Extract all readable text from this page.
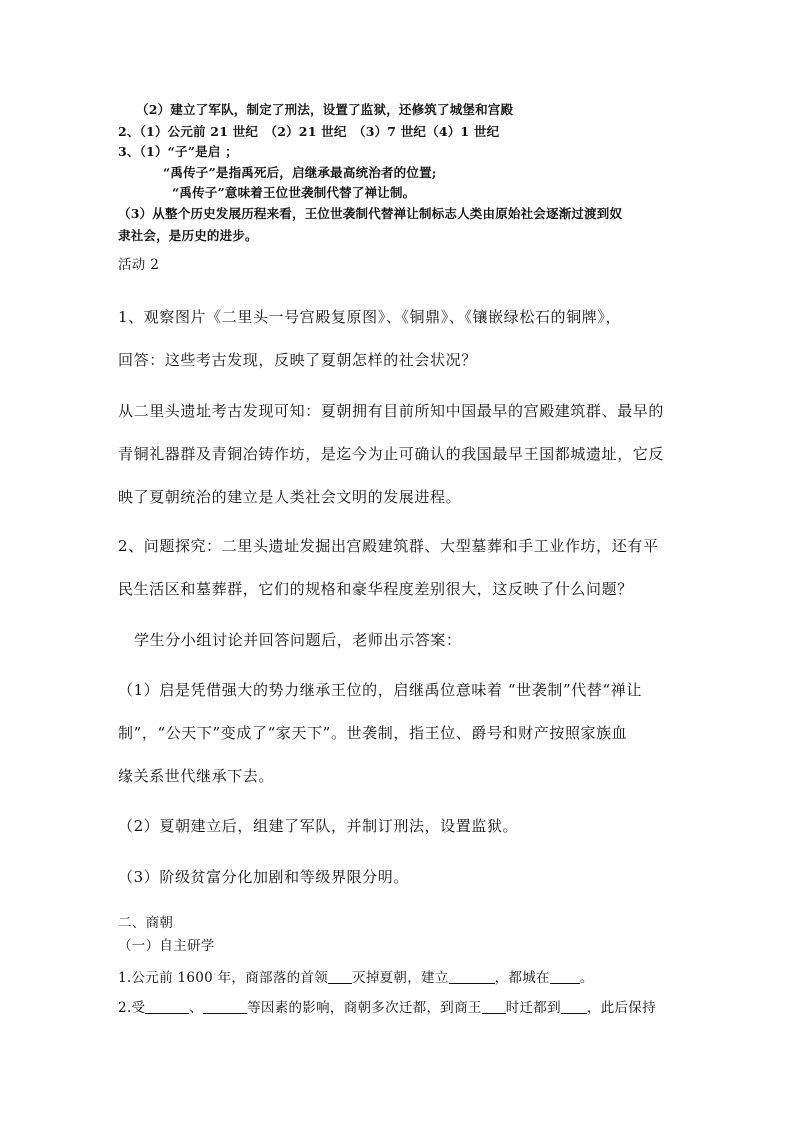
（2）建立了军队，制定了刑法，设置了监狱，还修筑了城堡和宫殿

2、（1）公元前 21 世纪　（2）21 世纪　（3）7 世纪（4）1 世纪

3、（1）“子”是启 ；

“禹传子”是指禹死后，启继承最高统治者的位置;

“禹传子”意味着王位世袭制代替了禅让制。

（3）从整个历史发展历程来看，王位世袭制代替禅让制标志人类由原始社会逐渐过渡到奴

隶社会，是历史的进步。

活动 2

1、观察图片《二里头一号宫殿复原图》、《铜鼎》、《镶嵌绿松石的铜牌》，

回答：这些考古发现，反映了夏朝怎样的社会状况？

从二里头遗址考古发现可知：夏朝拥有目前所知中国最早的宫殿建筑群、最早的

青铜礼器群及青铜冶铸作坊，是迄今为止可确认的我国最早王国都城遗址，它反

映了夏朝统治的建立是人类社会文明的发展进程。

2、问题探究：二里头遗址发掘出宫殿建筑群、大型墓葬和手工业作坊，还有平

民生活区和墓葬群，它们的规格和豪华程度差别很大，这反映了什么问题？

学生分小组讨论并回答问题后，老师出示答案：

（1）启是凭借强大的势力继承王位的，启继禹位意味着 “世袭制”代替“禅让

制”，“公天下”变成了“家天下”。世袭制，指王位、爵号和财产按照家族血

缘关系世代继承下去。

（2）夏朝建立后，组建了军队，并制订刑法，设置监狱。

（3）阶级贫富分化加剧和等级界限分明。

二、商朝

（一）自主研学

1.公元前 1600 年，商部落的首领 灭掉夏朝，建立	，都城在 。

2.受	、	等因素的影响，商朝多次迁都，到商王 时迁都到 ，此后保持
